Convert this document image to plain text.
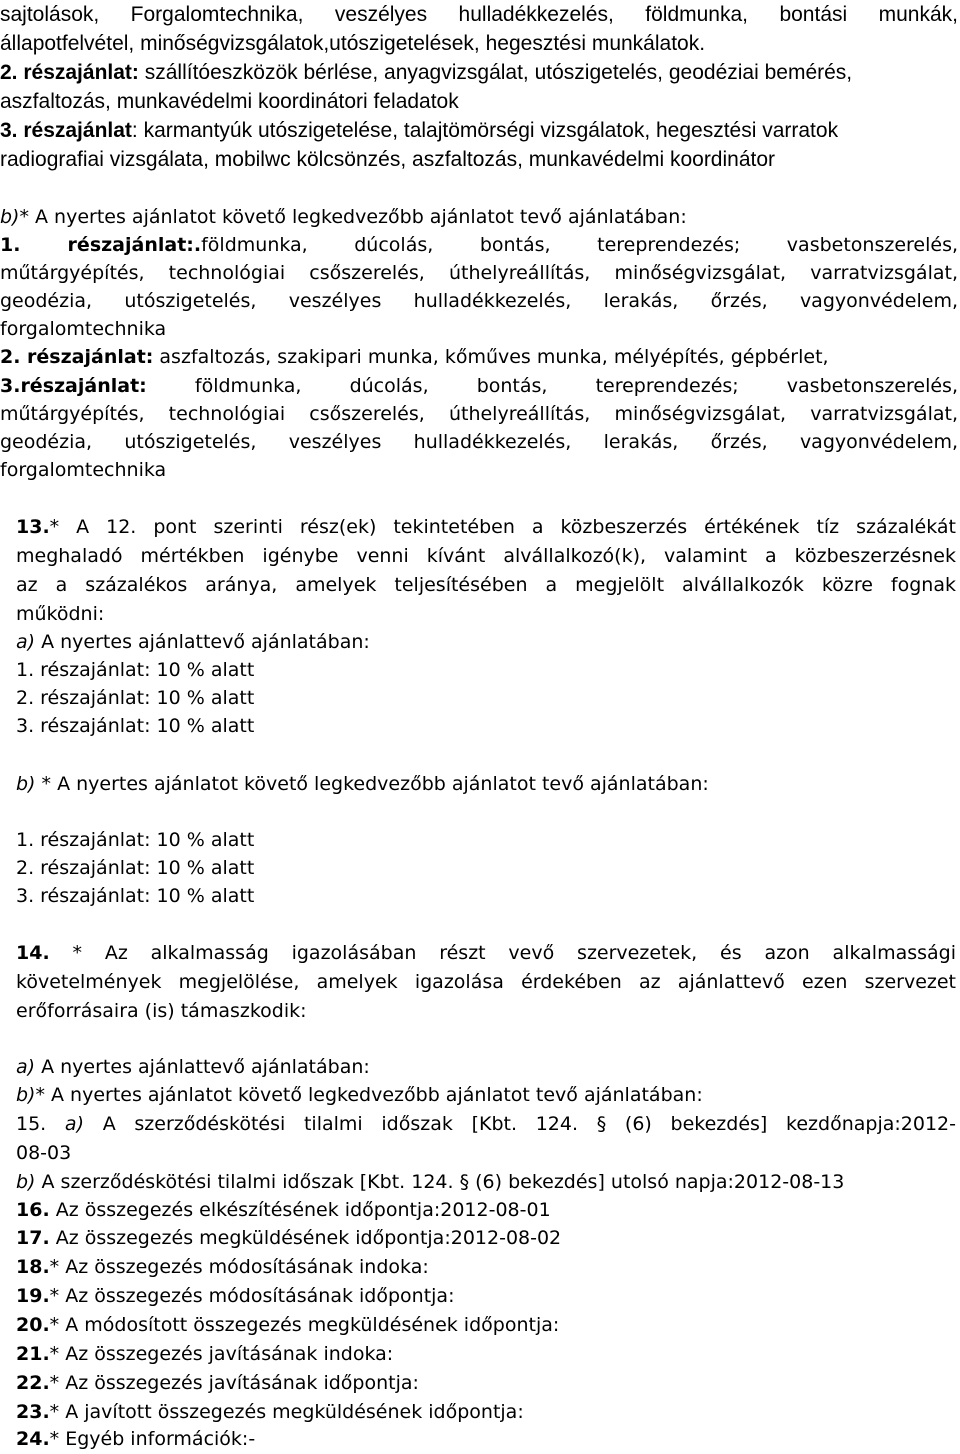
sajtolások, Forgalomtechnika, veszélyes hulladékkezelés, földmunka, bontási munkák,

állapotfelvétel, minőségvizsgálatok,utószigetelések, hegesztési munkálatok.

2. részajánlat: szállítóeszközök bérlése, anyagvizsgálat, utószigetelés, geodéziai bemérés,

aszfaltozás, munkavédelmi koordinátori feladatok

3. részajánlat: karmantyúk utószigetelése, talajtömörségi vizsgálatok, hegesztési varratok

radiografiai vizsgálata, mobilwc kölcsönzés, aszfaltozás, munkavédelmi koordinátor

b)* A nyertes ajánlatot követő legkedvezőbb ajánlatot tevő ajánlatában:

1. részajánlat:.földmunka, dúcolás, bontás, tereprendezés; vasbetonszerelés,

műtárgyépítés, technológiai csőszerelés, úthelyreállítás, minőségvizsgálat, varratvizsgálat,

geodézia, utószigetelés, veszélyes hulladékkezelés, lerakás, őrzés, vagyonvédelem,

forgalomtechnika

2. részajánlat: aszfaltozás, szakipari munka, kőműves munka, mélyépítés, gépbérlet,

3.részajánlat:	földmunka, dúcolás, bontás, tereprendezés; vasbetonszerelés,

műtárgyépítés, technológiai csőszerelés, úthelyreállítás, minőségvizsgálat, varratvizsgálat,

geodézia, utószigetelés, veszélyes hulladékkezelés, lerakás, őrzés, vagyonvédelem,

forgalomtechnika

13.* A 12. pont szerinti rész(ek) tekintetében a közbeszerzés értékének tíz százalékát

meghaladó mértékben igénybe venni kívánt alvállalkozó(k), valamint a közbeszerzésnek

az a százalékos aránya, amelyek teljesítésében a megjelölt alvállalkozók közre fognak

működni:

a) A nyertes ajánlattevő ajánlatában:

1. részajánlat: 10 % alatt

2. részajánlat: 10 % alatt

3. részajánlat: 10 % alatt

b) * A nyertes ajánlatot követő legkedvezőbb ajánlatot tevő ajánlatában:

1. részajánlat: 10 % alatt

2. részajánlat: 10 % alatt

3. részajánlat: 10 % alatt

14. * Az alkalmasság igazolásában részt vevő szervezetek, és azon alkalmassági

követelmények megjelölése, amelyek igazolása érdekében az ajánlattevő ezen szervezet

erőforrásaira (is) támaszkodik:

a) A nyertes ajánlattevő ajánlatában:

b)* A nyertes ajánlatot követő legkedvezőbb ajánlatot tevő ajánlatában:

15. a) A szerződéskötési tilalmi időszak [Kbt. 124. § (6) bekezdés] kezdőnapja:2012-

08-03

b) A szerződéskötési tilalmi időszak [Kbt. 124. § (6) bekezdés] utolsó napja:2012-08-13

16. Az összegezés elkészítésének időpontja:2012-08-01

17. Az összegezés megküldésének időpontja:2012-08-02

18.* Az összegezés módosításának indoka:

19.* Az összegezés módosításának időpontja:

20.* A módosított összegezés megküldésének időpontja:

21.* Az összegezés javításának indoka:

22.* Az összegezés javításának időpontja:

23.* A javított összegezés megküldésének időpontja:

24.* Egyéb információk:-
